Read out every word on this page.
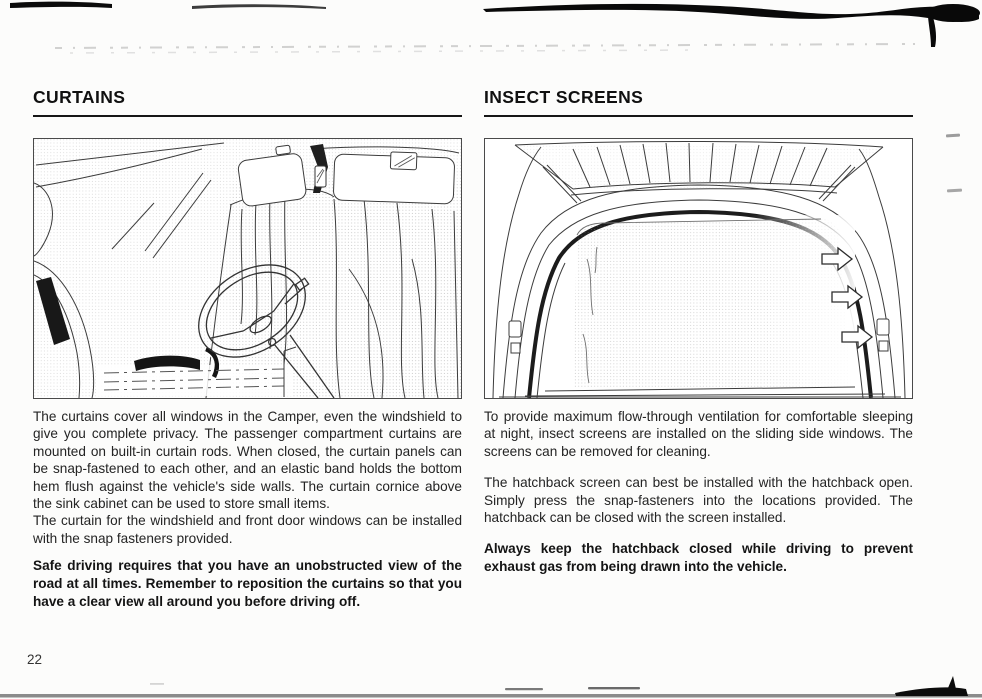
CURTAINS

The curtains cover all windows in the Camper, even the windshield to give you complete privacy. The passenger compartment curtains are mounted on built-in curtain rods. When closed, the curtain panels can be snap-fastened to each other, and an elastic band holds the bottom hem flush against the vehicle's side walls. The curtain cornice above the sink cabinet can be used to store small items.

The curtain for the windshield and front door windows can be installed with the snap fasteners provided.

Safe driving requires that you have an unobstructed view of the road at all times. Remember to reposition the curtains so that you have a clear view all around you before driving off.

INSECT SCREENS

To provide maximum flow-through ventilation for comfortable sleeping at night, insect screens are installed on the sliding side windows. The screens can be removed for cleaning.

The hatchback screen can best be installed with the hatchback open. Simply press the snap-fasteners into the locations provided. The hatchback can be closed with the screen installed.

Always keep the hatchback closed while driving to prevent exhaust gas from being drawn into the vehicle.

22
